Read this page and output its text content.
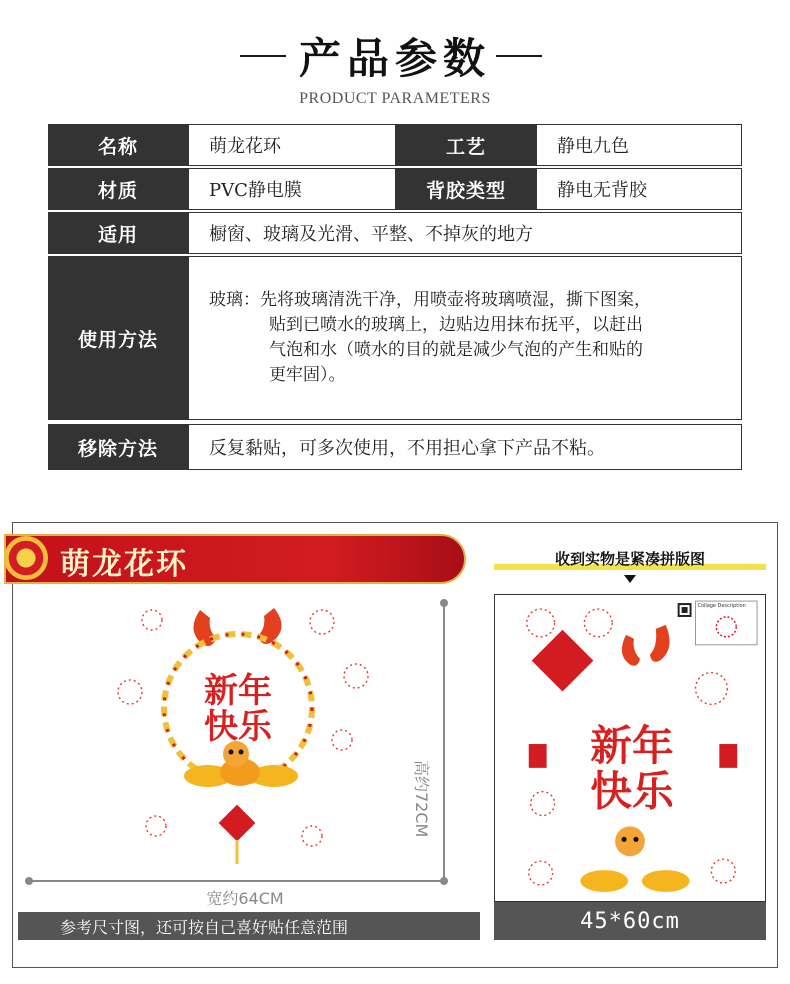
产品参数
PRODUCT PARAMETERS
名称	萌龙花环	工艺	静电九色
材质	PVC静电膜	背胶类型	静电无背胶
适用	橱窗、玻璃及光滑、平整、不掉灰的地方
使用方法
玻璃：先将玻璃清洗干净，用喷壶将玻璃喷湿，撕下图案，
贴到已喷水的玻璃上，边贴边用抹布抚平，以赶出
气泡和水（喷水的目的就是减少气泡的产生和贴的
更牢固）。
移除方法	反复黏贴，可多次使用，不用担心拿下产品不粘。
萌龙花环
新年
快乐
高约72CM
宽约64CM
参考尺寸图，还可按自己喜好贴任意范围
收到实物是紧凑拼版图
Collage Description
新年
快乐
45*60cm
